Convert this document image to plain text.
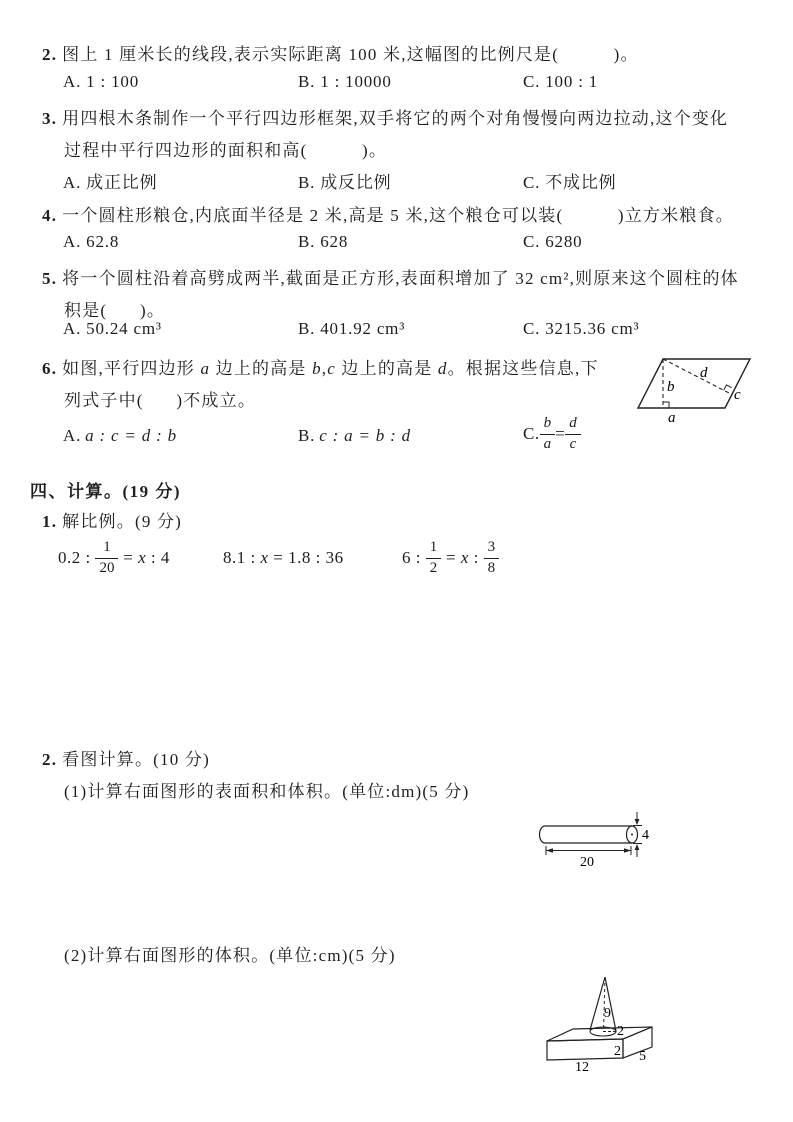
2. 图上 1 厘米长的线段,表示实际距离 100 米,这幅图的比例尺是(          )。
A. 1 : 100	B. 1 : 10000	C. 100 : 1
3. 用四根木条制作一个平行四边形框架,双手将它的两个对角慢慢向两边拉动,这个变化
过程中平行四边形的面积和高(          )。
A. 成正比例	B. 成反比例	C. 不成比例
4. 一个圆柱形粮仓,内底面半径是 2 米,高是 5 米,这个粮仓可以装(          )立方米粮食。
A. 62.8	B. 628	C. 6280
5. 将一个圆柱沿着高劈成两半,截面是正方形,表面积增加了 32 cm²,则原来这个圆柱的体
积是(      )。
A. 50.24 cm³	B. 401.92 cm³	C. 3215.36 cm³
6. 如图,平行四边形 a 边上的高是 b,c 边上的高是 d。根据这些信息,下
列式子中(      )不成立。
A. a : c = d : b	B. c : a = b : d	C. $\frac{b}{a} = \frac{d}{c}$
b
d
c
a
四、计算。(19 分)
1. 解比例。(9 分)
0.2 : $\frac{1}{20} = x$ : 4	8.1 : x = 1.8 : 36	6 : $\frac{1}{2} = x$ : $\frac{3}{8}$
2. 看图计算。(10 分)
(1)计算右面图形的表面积和体积。(单位:dm)(5 分)
4
20
(2)计算右面图形的体积。(单位:cm)(5 分)
9
2
2 5
12
